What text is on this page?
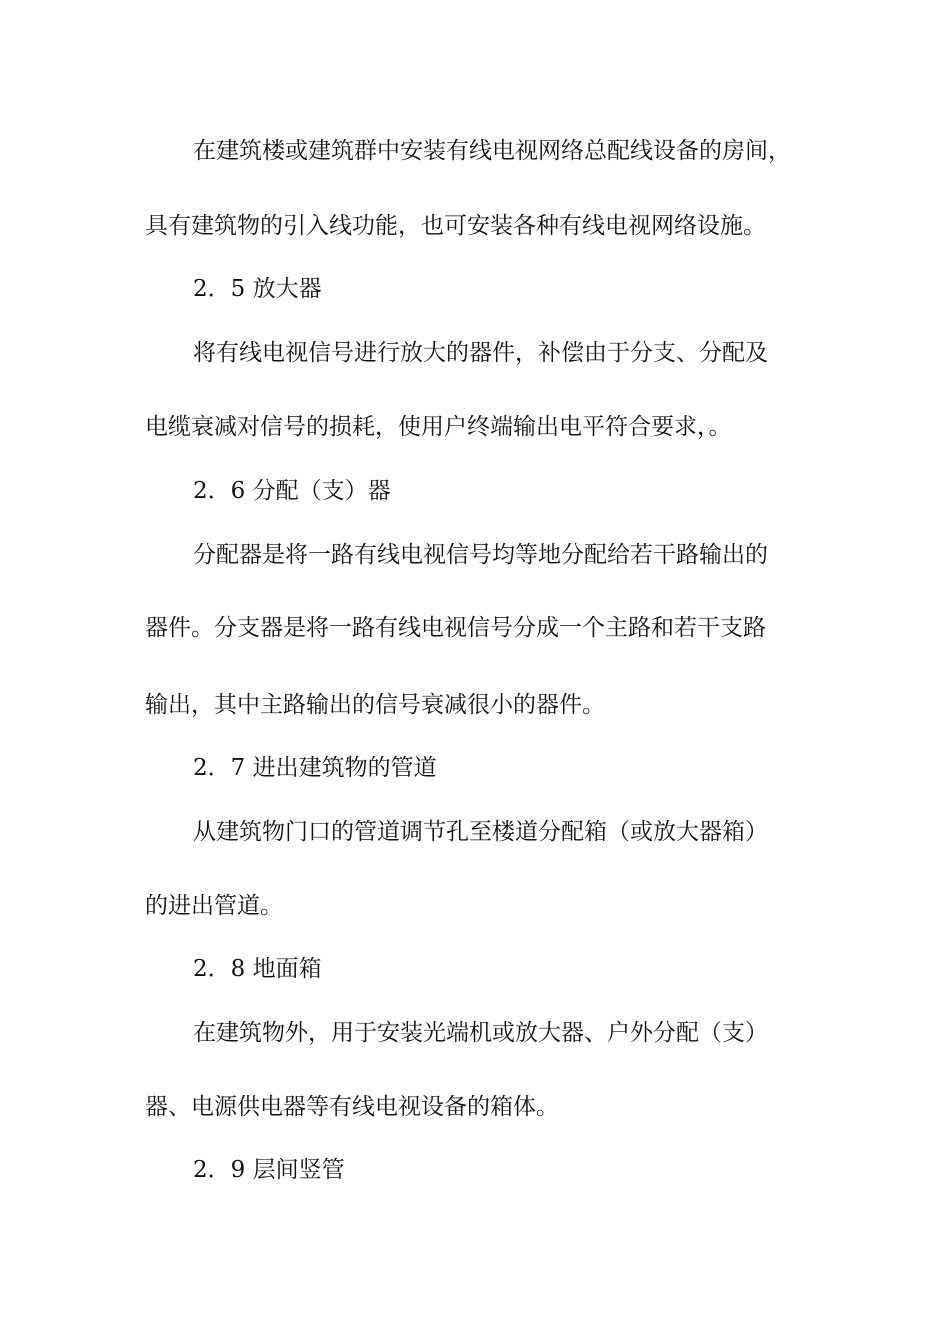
在建筑楼或建筑群中安装有线电视网络总配线设备的房间，

具有建筑物的引入线功能，也可安装各种有线电视网络设施。

2．5 放大器

将有线电视信号进行放大的器件，补偿由于分支、分配及

电缆衰减对信号的损耗，使用户终端输出电平符合要求，。

2．6 分配（支）器

分配器是将一路有线电视信号均等地分配给若干路输出的

器件。分支器是将一路有线电视信号分成一个主路和若干支路

输出，其中主路输出的信号衰减很小的器件。

2．7 进出建筑物的管道

从建筑物门口的管道调节孔至楼道分配箱（或放大器箱）

的进出管道。

2．8 地面箱

在建筑物外，用于安装光端机或放大器、户外分配（支）

器、电源供电器等有线电视设备的箱体。

2．9 层间竖管
